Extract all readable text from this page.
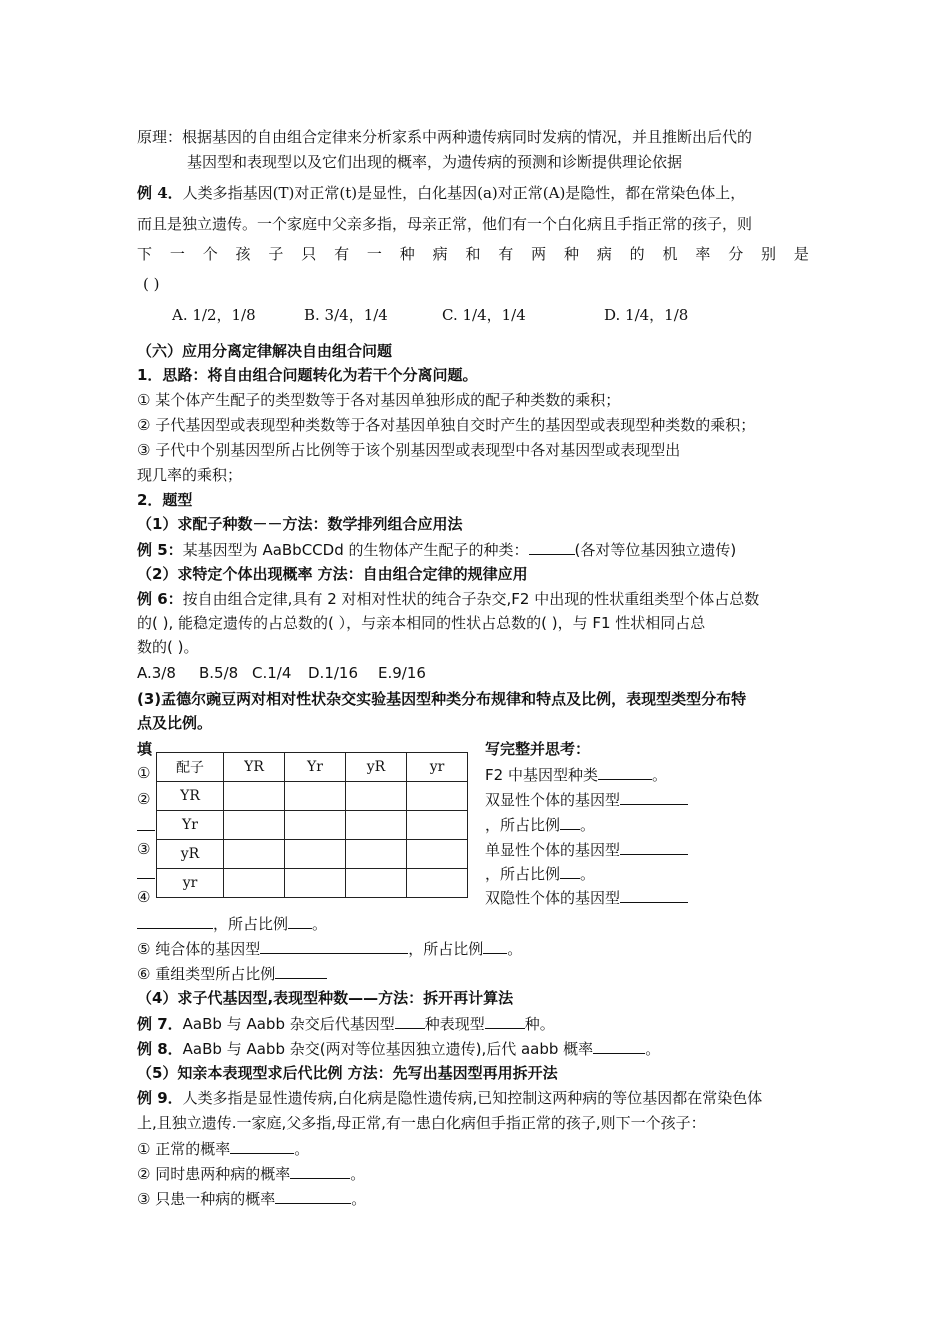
原理：根据基因的自由组合定律来分析家系中两种遗传病同时发病的情况，并且推断出后代的
基因型和表现型以及它们出现的概率，为遗传病的预测和诊断提供理论依据
例 4．人类多指基因(T)对正常(t)是显性，白化基因(a)对正常(A)是隐性，都在常染色体上，
而且是独立遗传。一个家庭中父亲多指，母亲正常，他们有一个白化病且手指正常的孩子，则
下 一 个 孩 子 只 有 一 种 病 和 有 两 种 病 的 机 率 分 别 是
( )
A. 1/2，1/8	B. 3/4，1/4	C. 1/4，1/4	D. 1/4，1/8
（六）应用分离定律解决自由组合问题
1．思路：将自由组合问题转化为若干个分离问题。
① 某个体产生配子的类型数等于各对基因单独形成的配子种类数的乘积；
② 子代基因型或表现型种类数等于各对基因单独自交时产生的基因型或表现型种类数的乘积；
③ 子代中个别基因型所占比例等于该个别基因型或表现型中各对基因型或表现型出
现几率的乘积；
2．题型
（1）求配子种数－－方法：数学排列组合应用法
例 5：某基因型为 AaBbCCDd 的生物体产生配子的种类：	(各对等位基因独立遗传)
（2）求特定个体出现概率 方法：自由组合定律的规律应用
例 6：按自由组合定律,具有 2 对相对性状的纯合子杂交,F2 中出现的性状重组类型个体占总数
的( ), 能稳定遗传的占总数的( ），与亲本相同的性状占总数的( )，与 F1 性状相同占总
数的( )。
A.3/8 B.5/8 C.1/4 D.1/16 E.9/16
(3)孟德尔豌豆两对相对性状杂交实验基因型种类分布规律和特点及比例，表现型类型分布特
点及比例。
填
①
②
③
④
配子	YR	Yr	yR	yr
YR				
Yr				
yR				
yr				
写完整并思考：
F2 中基因型种类	。
双显性个体的基因型
，所占比例 。
单显性个体的基因型
，所占比例 。
双隐性个体的基因型
，所占比例 。
⑤ 纯合体的基因型	，所占比例 。
⑥ 重组类型所占比例
（4）求子代基因型,表现型种数——方法：拆开再计算法
例 7．AaBb 与 Aabb 杂交后代基因型 种表现型	种。
例 8．AaBb 与 Aabb 杂交(两对等位基因独立遗传),后代 aabb 概率	。
（5）知亲本表现型求后代比例 方法：先写出基因型再用拆开法
例 9．人类多指是显性遗传病,白化病是隐性遗传病,已知控制这两种病的等位基因都在常染色体
上,且独立遗传.一家庭,父多指,母正常,有一患白化病但手指正常的孩子,则下一个孩子：
① 正常的概率	。
② 同时患两种病的概率	。
③ 只患一种病的概率	。
